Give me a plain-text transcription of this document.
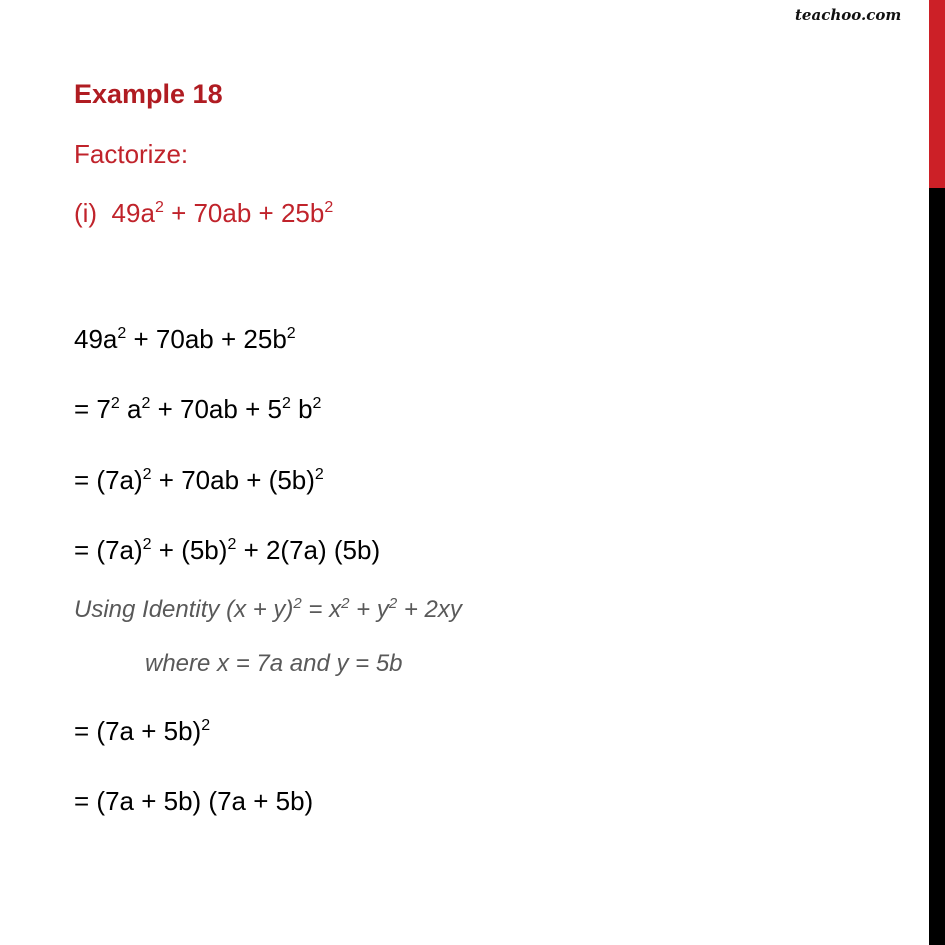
teachoo.com
Example 18
Factorize:
(i) $49a^2 + 70ab + 25b^2$
$49a^2 + 70ab + 25b^2$
= $7^2$ $a^2 + 70ab + 5^2$ $b^2$
= $(7a)^2 + 70ab + (5b)^2$
= $(7a)^2 + (5b)^2 + 2(7a)$ (5b)
Using Identity $(x + y)^2 = x^2 + y^2 + 2xy$
where x = 7a and y = 5b
= $(7a + 5b)^2$
= (7a + 5b) (7a + 5b)
